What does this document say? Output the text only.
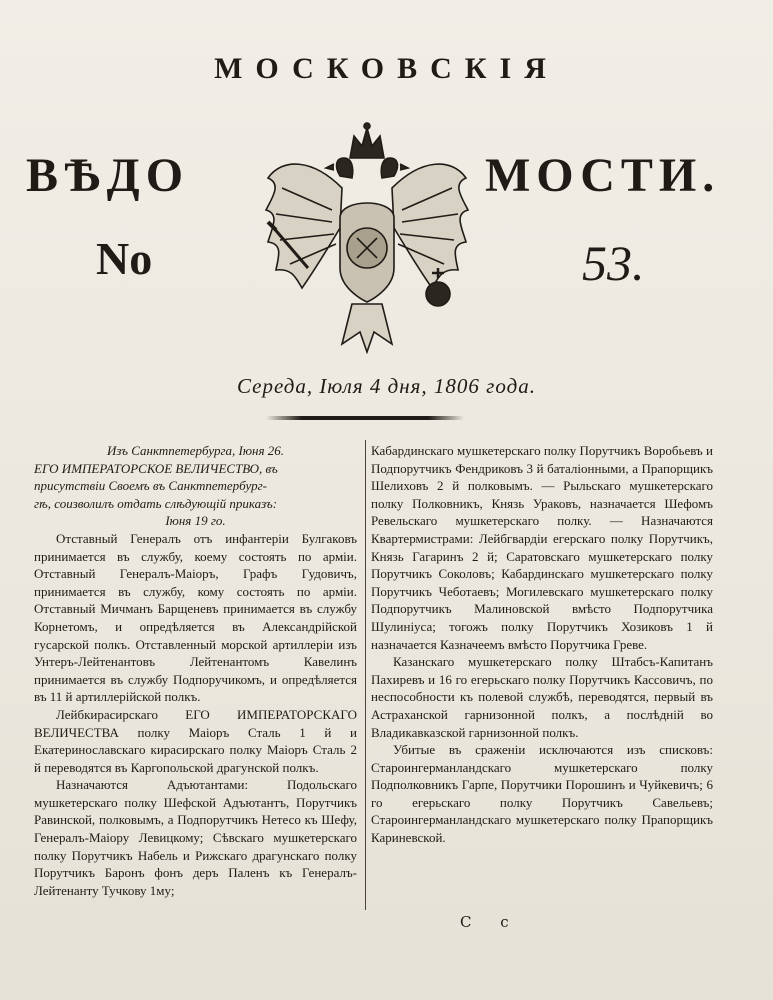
МОСКОВСКІЯ
ВѢДО	МОСТИ.
No	53.
Середа, Іюля 4 дня, 1806 года.

Изъ Санктпетербурга, Іюня 26.

ЕГО ИМПЕРАТОРСКОЕ ВЕЛИЧЕСТВО, въ

присутствіи Своемъ въ Санктпетербург-

гѣ, соизволилъ отдать слѣдующій приказъ:

Іюня 19 го.

Отставный Генералъ отъ инфантеріи Булгаковъ принимается въ службу, коему состоять по арміи. Отставный Генералъ-Маіоръ, Графъ Гудовичъ, принимается въ службу, кому состоять по арміи. Отставный Мичманъ Барщеневъ принимается въ службу Корнетомъ, и опредѣляется въ Александрійской гусарской полкъ. Отставленный морской артиллеріи изъ Унтеръ-Лейтенантовъ Лейтенантомъ Кавелинъ принимается въ службу Подпоручикомъ, и опредѣляется въ 11 й артиллерійской полкъ.

Лейбкирасирскаго ЕГО ИМПЕРАТОРСКАГО ВЕЛИЧЕСТВА полку Маіоръ Сталь 1 й и Екатеринославскаго кирасирскаго полку Маіоръ Сталь 2 й переводятся въ Каргопольской драгунской полкъ.

Назначаются Адъютантами: Подольскаго мушкетерскаго полку Шефской Адъютантъ, Порутчикъ Равинской, полковымъ, а Подпорутчикъ Нетесо къ Шефу, Генералъ-Маіору Левицкому; Сѣвскаго мушкетерскаго полку Порутчикъ Набель и Рижскаго драгунскаго полку Порутчикъ Баронъ фонъ деръ Паленъ къ Генералъ-Лейтенанту Тучкову 1му;

Кабардинскаго мушкетерскаго полку Порутчикъ Воробьевъ и Подпорутчикъ Фендриковъ 3 й баталіонными, а Прапорщикъ Шелиховъ 2 й полковымъ. — Рыльскаго мушкетерскаго полку Полковникъ, Князь Ураковъ, назначается Шефомъ Ревельскаго мушкетерскаго полку. — Назначаются Квартермистрами: Лейбгвардіи егерскаго полку Порутчикъ, Князь Гагаринъ 2 й; Саратовскаго мушкетерскаго полку Порутчикъ Соколовъ; Кабардинскаго мушкетерскаго полку Порутчикъ Чеботаевъ; Могилевскаго мушкетерскаго полку Подпорутчикъ Малиновской вмѣсто Подпорутчика Шулиніуса; тогожъ полку Порутчикъ Хозиковъ 1 й назначается Казначеемъ вмѣсто Порутчика Греве.

Казанскаго мушкетерскаго полку Штабсъ-Капитанъ Пахиревъ и 16 го егерьскаго полку Порутчикъ Кассовичъ, по неспособности къ полевой службѣ, переводятся, первый въ Астраханской гарнизонной полкъ, а послѣдній во Владикавказской гарнизонной полкъ.

Убитые въ сраженіи исключаются изъ списковъ: Староингерманландскаго мушкетерскаго полку Подполковникъ Гарпе, Порутчики Порошинъ и Чуйкевичъ; 6 го егерьскаго полку Порутчикъ Савельевъ; Староингерманландскаго мушкетерскаго полку Прапорщикъ Кариневской.

С с
